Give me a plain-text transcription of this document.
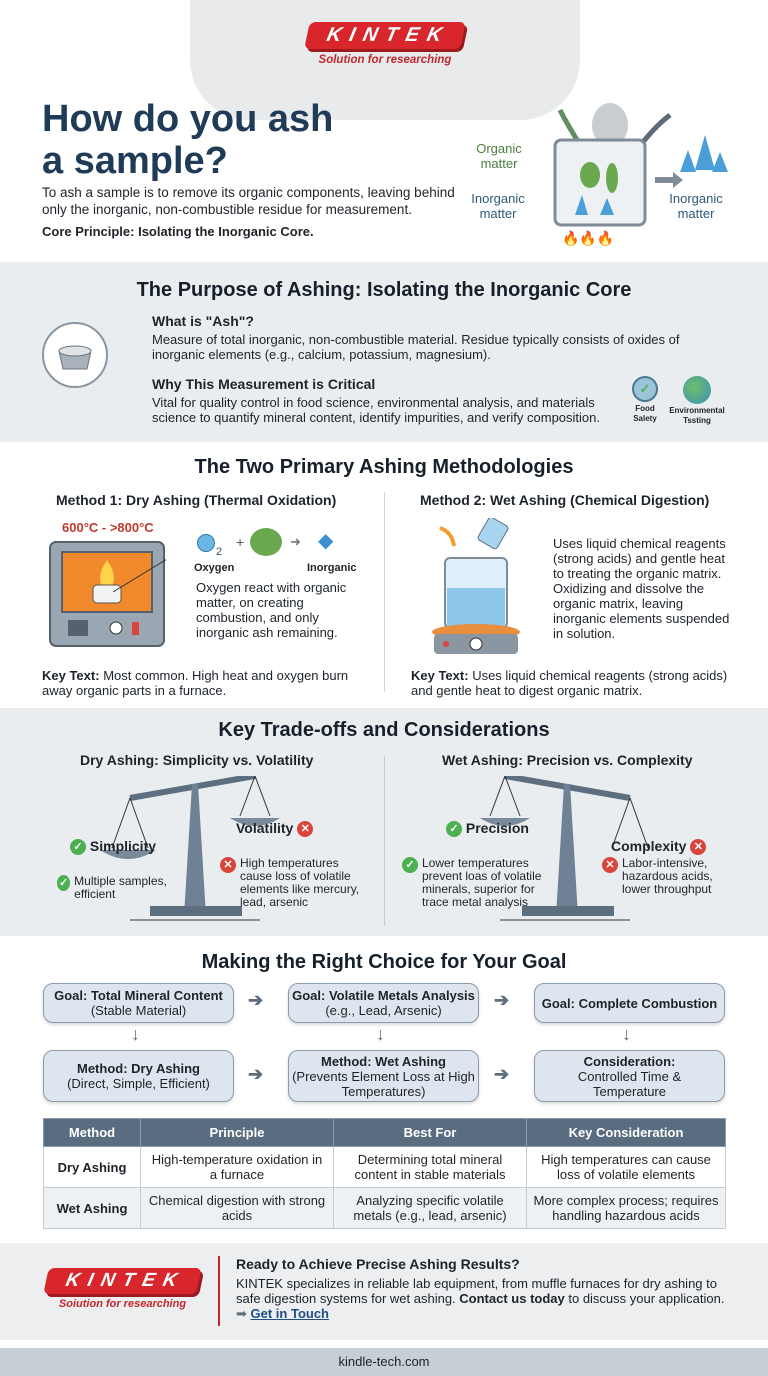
KINTEK
Solution for researching
How do you ash
a sample?
To ash a sample is to remove its organic components, leaving behind only the inorganic, non-combustible residue for measurement.
Core Principle: Isolating the Inorganic Core.	🔥🔥🔥
Organic matter
Inorganic matter
Inorganic matter
The Purpose of Ashing: Isolating the Inorganic Core
What is "Ash"?
Measure of total inorganic, non-combustible material. Residue typically consists of oxides of inorganic elements (e.g., calcium, potassium, magnesium).
Why This Measurement is Critical
Vital for quality control in food science, environmental analysis, and materials science to quantify mineral content, identify impurities, and verify composition.
✓
Food Salety
Environmental Tssting
The Two Primary Ashing Methodologies
Method 1: Dry Ashing (Thermal Oxidation)
600°C - >800°C
2
+	➜ ◆
Oxygen	Inorganic
Oxygen react with organic matter, on creating combustion, and only inorganic ash remaining.
Key Text: Most common. High heat and oxygen burn away organic parts in a furnace.
Method 2: Wet Ashing (Chemical Digestion)
Uses liquid chemical reagents (strong acids) and gentle heat to treating the organic matrix. Oxidizing and dissolve the organic matrix, leaving inorganic elements suspended in solution.
Key Text: Uses liquid chemical reagents (strong acids) and gentle heat to digest organic matrix.
Key Trade-offs and Considerations
Dry Ashing: Simplicity vs. Volatility	Wet Ashing: Precision vs. Complexity
✓ Simplicity
✓ Multiple samples, efficient
Volatility ✕
✕ High temperatures cause loss of volatile elements like mercury, lead, arsenic
✓ Precision
✓ Lower temperatures prevent loas of volatile minerals, superior for trace metal analysis
Complexity ✕
✕ Labor-intensive, hazardous acids, lower throughput
Making the Right Choice for Your Goal
Goal: Total Mineral Content
(Stable Material)
Goal: Volatile Metals Analysis
(e.g., Lead, Arsenic)	Goal: Complete Combustion
Method: Dry Ashing
(Direct, Simple, Efficient)
Method: Wet Ashing
(Prevents Element Loss at High Temperatures)
Consideration:
Controlled Time & Temperature
➔	➔
➔	➔
↓	↓	↓
Method	Principle	Best For	Key Consideration
Dry Ashing	High-temperature oxidation in a furnace	Determining total mineral content in stable materials	High temperatures can cause loss of volatile elements
Wet Ashing	Chemical digestion with strong acids	Analyzing specific volatile metals (e.g., lead, arsenic)	More complex process; requires handling hazardous acids
KINTEK
Soiution for researching
Ready to Achieve Precise Ashing Results?
KINTEK specializes in reliable lab equipment, from muffle furnaces for dry ashing to safe digestion systems for wet ashing. Contact us today to discuss your application. ➡ Get in Touch
kindle-tech.com
